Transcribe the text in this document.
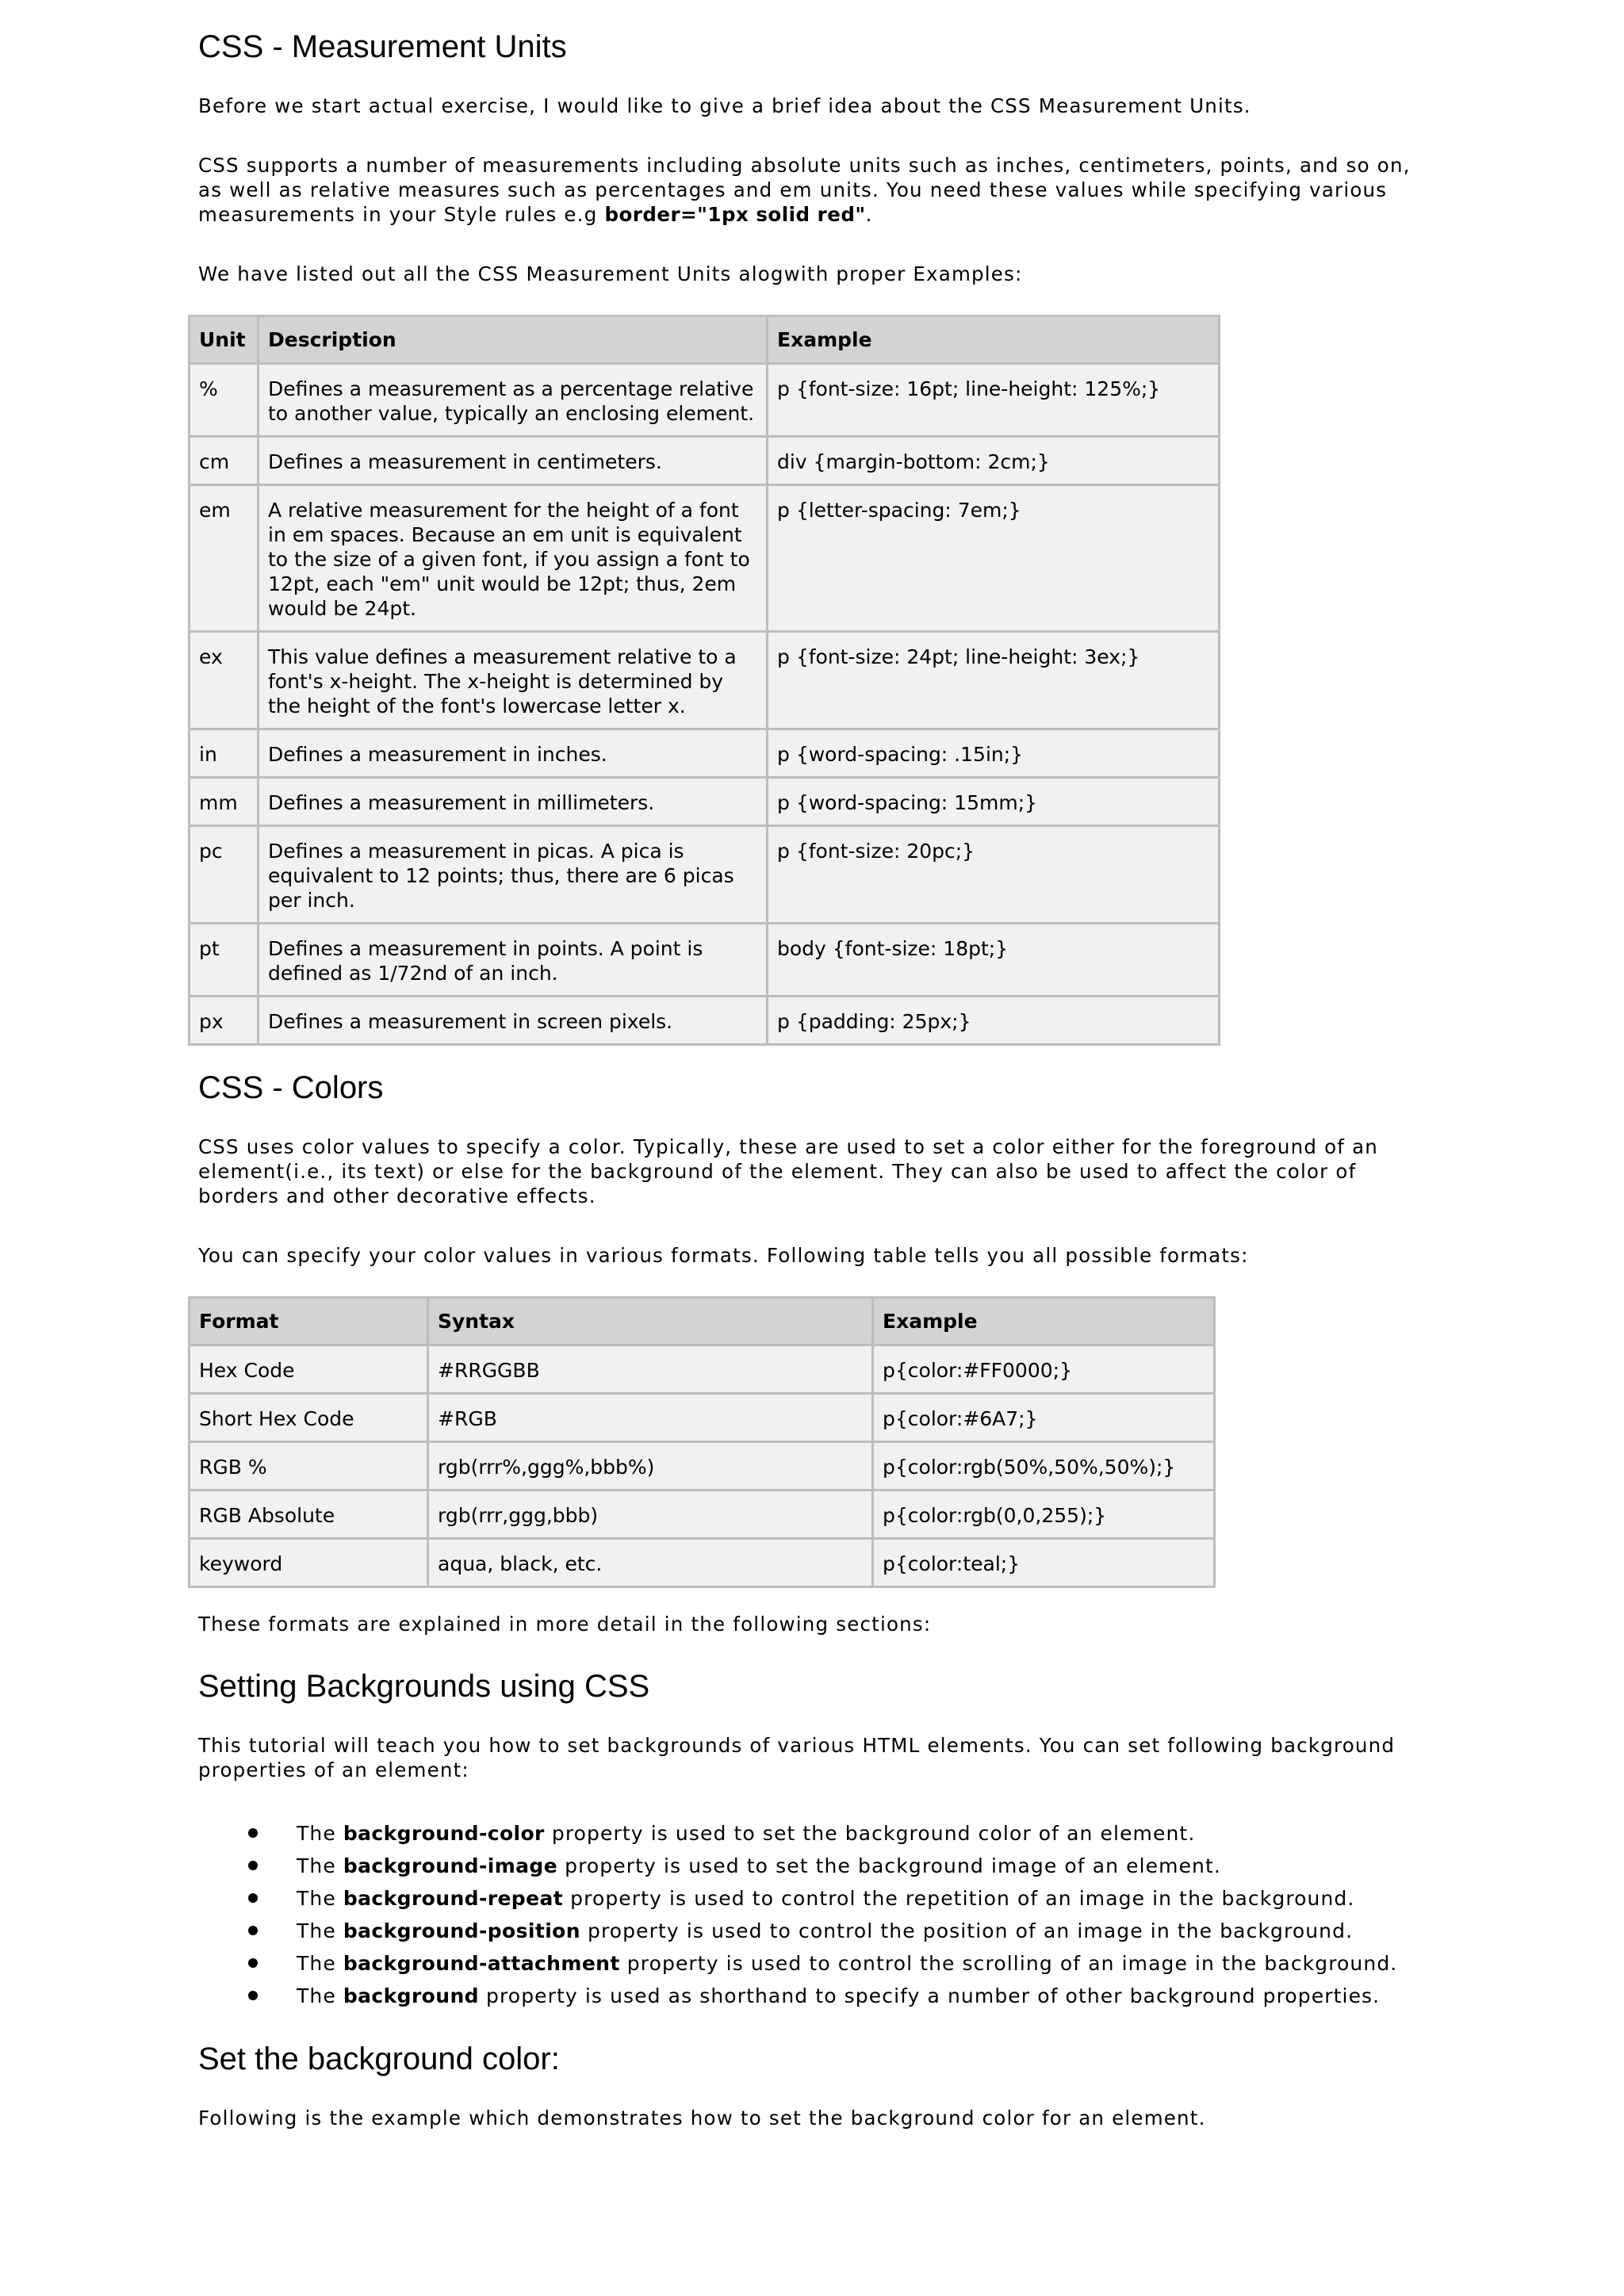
CSS - Measurement Units

Before we start actual exercise, I would like to give a brief idea about the CSS Measurement Units.

CSS supports a number of measurements including absolute units such as inches, centimeters, points, and so on, as well as relative measures such as percentages and em units. You need these values while specifying various measurements in your Style rules e.g border="1px solid red".

We have listed out all the CSS Measurement Units alogwith proper Examples:

Unit	Description	Example
%	Defines a measurement as a percentage relative to another value, typically an enclosing element.	p {font-size: 16pt; line-height: 125%;}
cm	Defines a measurement in centimeters.	div {margin-bottom: 2cm;}
em	A relative measurement for the height of a font in em spaces. Because an em unit is equivalent to the size of a given font, if you assign a font to 12pt, each "em" unit would be 12pt; thus, 2em would be 24pt.	p {letter-spacing: 7em;}
ex	This value defines a measurement relative to a font's x-height. The x-height is determined by the height of the font's lowercase letter x.	p {font-size: 24pt; line-height: 3ex;}
in	Defines a measurement in inches.	p {word-spacing: .15in;}
mm	Defines a measurement in millimeters.	p {word-spacing: 15mm;}
pc	Defines a measurement in picas. A pica is equivalent to 12 points; thus, there are 6 picas per inch.	p {font-size: 20pc;}
pt	Defines a measurement in points. A point is defined as 1/72nd of an inch.	body {font-size: 18pt;}
px	Defines a measurement in screen pixels.	p {padding: 25px;}
CSS - Colors

CSS uses color values to specify a color. Typically, these are used to set a color either for the foreground of an element(i.e., its text) or else for the background of the element. They can also be used to affect the color of borders and other decorative effects.

You can specify your color values in various formats. Following table tells you all possible formats:

Format	Syntax	Example
Hex Code	#RRGGBB	p{color:#FF0000;}
Short Hex Code	#RGB	p{color:#6A7;}
RGB %	rgb(rrr%,ggg%,bbb%)	p{color:rgb(50%,50%,50%);}
RGB Absolute	rgb(rrr,ggg,bbb)	p{color:rgb(0,0,255);}
keyword	aqua, black, etc.	p{color:teal;}

These formats are explained in more detail in the following sections:

Setting Backgrounds using CSS

This tutorial will teach you how to set backgrounds of various HTML elements. You can set following background properties of an element:

The background-color property is used to set the background color of an element.
The background-image property is used to set the background image of an element.
The background-repeat property is used to control the repetition of an image in the background.
The background-position property is used to control the position of an image in the background.
The background-attachment property is used to control the scrolling of an image in the background.
The background property is used as shorthand to specify a number of other background properties.
Set the background color:

Following is the example which demonstrates how to set the background color for an element.
